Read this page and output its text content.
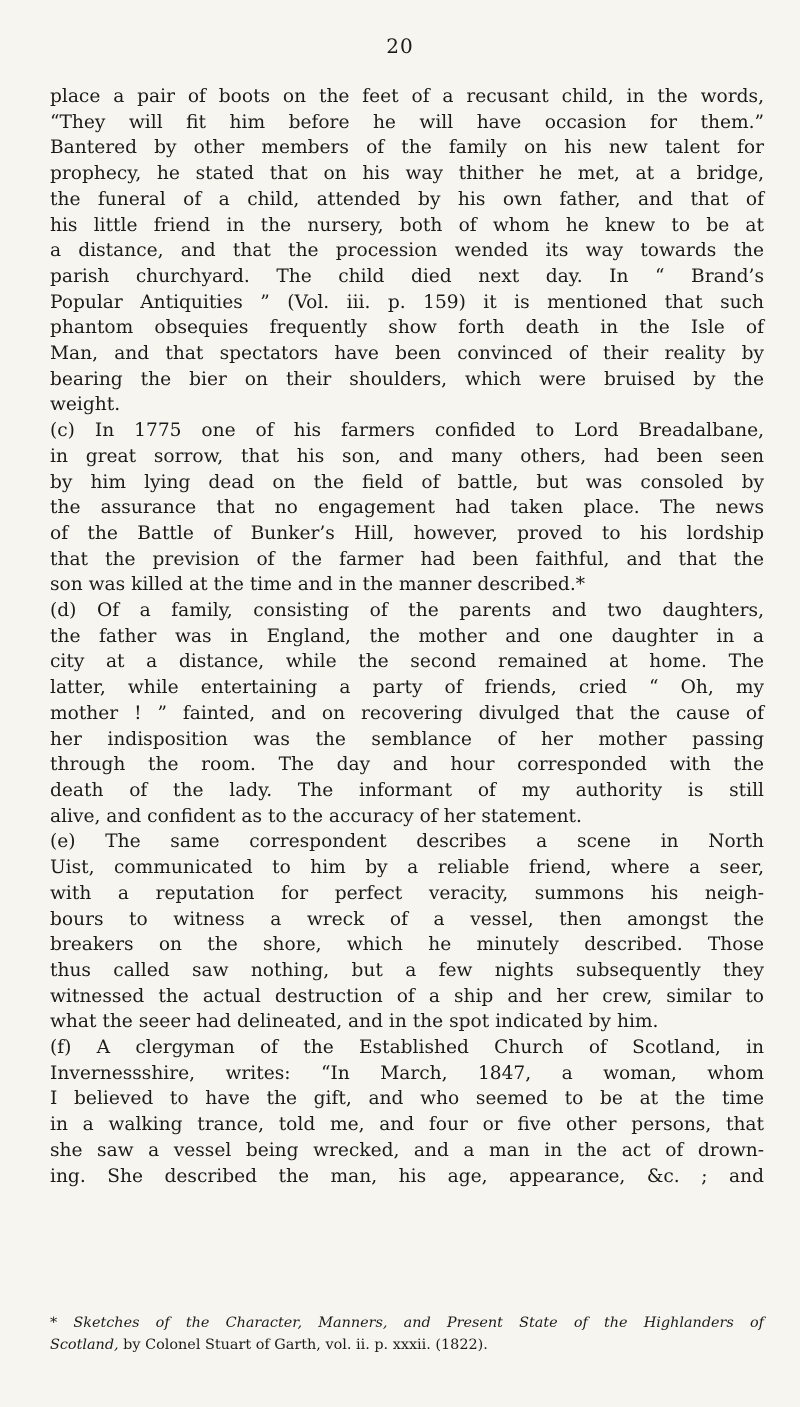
20
place a pair of boots on the feet of a recusant child, in the words,
“They will fit him before he will have occasion for them.”
Bantered by other members of the family on his new talent for
prophecy, he stated that on his way thither he met, at a bridge,
the funeral of a child, attended by his own father, and that of
his little friend in the nursery, both of whom he knew to be at
a distance, and that the procession wended its way towards the
parish churchyard. The child died next day. In “ Brand’s
Popular Antiquities ” (Vol. iii. p. 159) it is mentioned that such
phantom obsequies frequently show forth death in the Isle of
Man, and that spectators have been convinced of their reality by
bearing the bier on their shoulders, which were bruised by the
weight.
(c) In 1775 one of his farmers confided to Lord Breadalbane,
in great sorrow, that his son, and many others, had been seen
by him lying dead on the field of battle, but was consoled by
the assurance that no engagement had taken place. The news
of the Battle of Bunker’s Hill, however, proved to his lordship
that the prevision of the farmer had been faithful, and that the
son was killed at the time and in the manner described.*
(d) Of a family, consisting of the parents and two daughters,
the father was in England, the mother and one daughter in a
city at a distance, while the second remained at home. The
latter, while entertaining a party of friends, cried “ Oh, my
mother ! ” fainted, and on recovering divulged that the cause of
her indisposition was the semblance of her mother passing
through the room. The day and hour corresponded with the
death of the lady. The informant of my authority is still
alive, and confident as to the accuracy of her statement.
(e) The same correspondent describes a scene in North
Uist, communicated to him by a reliable friend, where a seer,
with a reputation for perfect veracity, summons his neigh-
bours to witness a wreck of a vessel, then amongst the
breakers on the shore, which he minutely described. Those
thus called saw nothing, but a few nights subsequently they
witnessed the actual destruction of a ship and her crew, similar to
what the seeer had delineated, and in the spot indicated by him.
(f) A clergyman of the Established Church of Scotland, in
Invernessshire, writes: “In March, 1847, a woman, whom
I believed to have the gift, and who seemed to be at the time
in a walking trance, told me, and four or five other persons, that
she saw a vessel being wrecked, and a man in the act of drown-
ing. She described the man, his age, appearance, &c. ; and
* Sketches of the Character, Manners, and Present State of the Highlanders of
Scotland, by Colonel Stuart of Garth, vol. ii. p. xxxii. (1822).
